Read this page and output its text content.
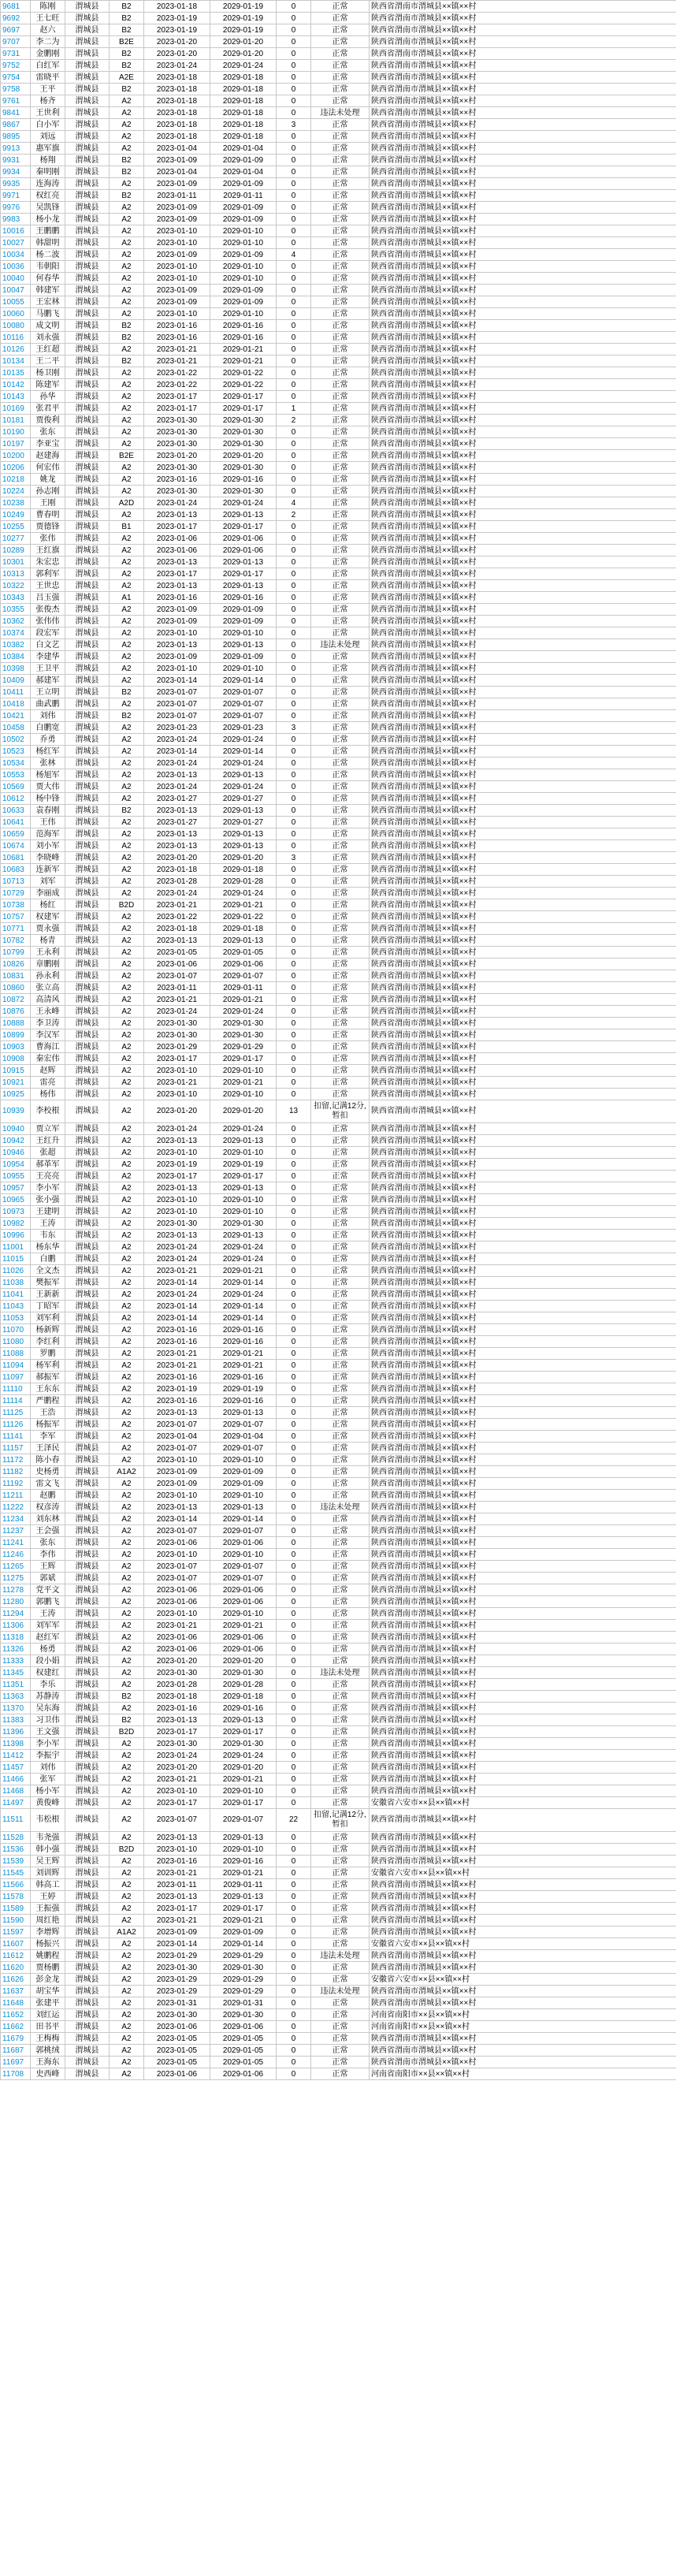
9681	陈刚	渭城县	B2	2023-01-18	2029-01-19	0	正常	陕西省渭南市渭城县××镇××村
9692	王七旺	渭城县	B2	2023-01-19	2029-01-19	0	正常	陕西省渭南市渭城县××镇××村
9697	赵六	渭城县	B2	2023-01-19	2029-01-19	0	正常	陕西省渭南市渭城县××镇××村
9707	李二为	渭城县	B2E	2023-01-20	2029-01-20	0	正常	陕西省渭南市渭城县××镇××村
9731	金鹏刚	渭城县	B2	2023-01-20	2029-01-20	0	正常	陕西省渭南市渭城县××镇××村
9752	白红军	渭城县	B2	2023-01-24	2029-01-24	0	正常	陕西省渭南市渭城县××镇××村
9754	雷晓平	渭城县	A2E	2023-01-18	2029-01-18	0	正常	陕西省渭南市渭城县××镇××村
9758	王平	渭城县	B2	2023-01-18	2029-01-18	0	正常	陕西省渭南市渭城县××镇××村
9761	杨齐	渭城县	A2	2023-01-18	2029-01-18	0	正常	陕西省渭南市渭城县××镇××村
9841	王世利	渭城县	A2	2023-01-18	2029-01-18	0	违法未处理	陕西省渭南市渭城县××镇××村
9867	白小军	渭城县	A2	2023-01-18	2029-01-18	3	正常	陕西省渭南市渭城县××镇××村
9895	刘远	渭城县	A2	2023-01-18	2029-01-18	0	正常	陕西省渭南市渭城县××镇××村
9913	惠军旗	渭城县	A2	2023-01-04	2029-01-04	0	正常	陕西省渭南市渭城县××镇××村
9931	杨翔	渭城县	B2	2023-01-09	2029-01-09	0	正常	陕西省渭南市渭城县××镇××村
9934	秦明刚	渭城县	B2	2023-01-04	2029-01-04	0	正常	陕西省渭南市渭城县××镇××村
9935	连海涛	渭城县	A2	2023-01-09	2029-01-09	0	正常	陕西省渭南市渭城县××镇××村
9971	权红亮	渭城县	B2	2023-01-11	2029-01-11	0	正常	陕西省渭南市渭城县××镇××村
9976	吴凯锋	渭城县	A2	2023-01-09	2029-01-09	0	正常	陕西省渭南市渭城县××镇××村
9983	杨小龙	渭城县	A2	2023-01-09	2029-01-09	0	正常	陕西省渭南市渭城县××镇××村
10016	王鹏鹏	渭城县	A2	2023-01-10	2029-01-10	0	正常	陕西省渭南市渭城县××镇××村
10027	韩甜明	渭城县	A2	2023-01-10	2029-01-10	0	正常	陕西省渭南市渭城县××镇××村
10034	杨二波	渭城县	A2	2023-01-09	2029-01-09	4	正常	陕西省渭南市渭城县××镇××村
10036	韦朝阳	渭城县	A2	2023-01-10	2029-01-10	0	正常	陕西省渭南市渭城县××镇××村
10040	何春华	渭城县	A2	2023-01-10	2029-01-10	0	正常	陕西省渭南市渭城县××镇××村
10047	韩建军	渭城县	A2	2023-01-09	2029-01-09	0	正常	陕西省渭南市渭城县××镇××村
10055	王宏林	渭城县	A2	2023-01-09	2029-01-09	0	正常	陕西省渭南市渭城县××镇××村
10060	马鹏飞	渭城县	A2	2023-01-10	2029-01-10	0	正常	陕西省渭南市渭城县××镇××村
10080	成文明	渭城县	B2	2023-01-16	2029-01-16	0	正常	陕西省渭南市渭城县××镇××村
10116	刘永强	渭城县	B2	2023-01-16	2029-01-16	0	正常	陕西省渭南市渭城县××镇××村
10126	王红超	渭城县	A2	2023-01-21	2029-01-21	0	正常	陕西省渭南市渭城县××镇××村
10134	王二平	渭城县	B2	2023-01-21	2029-01-21	0	正常	陕西省渭南市渭城县××镇××村
10135	杨卫刚	渭城县	A2	2023-01-22	2029-01-22	0	正常	陕西省渭南市渭城县××镇××村
10142	陈建军	渭城县	A2	2023-01-22	2029-01-22	0	正常	陕西省渭南市渭城县××镇××村
10143	孙华	渭城县	A2	2023-01-17	2029-01-17	0	正常	陕西省渭南市渭城县××镇××村
10169	张君平	渭城县	A2	2023-01-17	2029-01-17	1	正常	陕西省渭南市渭城县××镇××村
10181	贾俊利	渭城县	A2	2023-01-30	2029-01-30	2	正常	陕西省渭南市渭城县××镇××村
10190	张东	渭城县	A2	2023-01-30	2029-01-30	0	正常	陕西省渭南市渭城县××镇××村
10197	李亚宝	渭城县	A2	2023-01-30	2029-01-30	0	正常	陕西省渭南市渭城县××镇××村
10200	赵建海	渭城县	B2E	2023-01-20	2029-01-20	0	正常	陕西省渭南市渭城县××镇××村
10206	何宏伟	渭城县	A2	2023-01-30	2029-01-30	0	正常	陕西省渭南市渭城县××镇××村
10218	姚龙	渭城县	A2	2023-01-16	2029-01-16	0	正常	陕西省渭南市渭城县××镇××村
10224	孙志刚	渭城县	A2	2023-01-30	2029-01-30	0	正常	陕西省渭南市渭城县××镇××村
10238	王刚	渭城县	A2D	2023-01-24	2029-01-24	4	正常	陕西省渭南市渭城县××镇××村
10249	曹春明	渭城县	A2	2023-01-13	2029-01-13	2	正常	陕西省渭南市渭城县××镇××村
10255	贾德锋	渭城县	B1	2023-01-17	2029-01-17	0	正常	陕西省渭南市渭城县××镇××村
10277	张伟	渭城县	A2	2023-01-06	2029-01-06	0	正常	陕西省渭南市渭城县××镇××村
10289	王红旗	渭城县	A2	2023-01-06	2029-01-06	0	正常	陕西省渭南市渭城县××镇××村
10301	朱宏忠	渭城县	A2	2023-01-13	2029-01-13	0	正常	陕西省渭南市渭城县××镇××村
10313	郭利军	渭城县	A2	2023-01-17	2029-01-17	0	正常	陕西省渭南市渭城县××镇××村
10322	王世忠	渭城县	A2	2023-01-13	2029-01-13	0	正常	陕西省渭南市渭城县××镇××村
10343	吕玉强	渭城县	A1	2023-01-16	2029-01-16	0	正常	陕西省渭南市渭城县××镇××村
10355	张俊杰	渭城县	A2	2023-01-09	2029-01-09	0	正常	陕西省渭南市渭城县××镇××村
10362	张伟伟	渭城县	A2	2023-01-09	2029-01-09	0	正常	陕西省渭南市渭城县××镇××村
10374	段宏军	渭城县	A2	2023-01-10	2029-01-10	0	正常	陕西省渭南市渭城县××镇××村
10382	白文艺	渭城县	A2	2023-01-13	2029-01-13	0	违法未处理	陕西省渭南市渭城县××镇××村
10384	李建华	渭城县	A2	2023-01-09	2029-01-09	0	正常	陕西省渭南市渭城县××镇××村
10398	王卫平	渭城县	A2	2023-01-10	2029-01-10	0	正常	陕西省渭南市渭城县××镇××村
10409	郝建军	渭城县	A2	2023-01-14	2029-01-14	0	正常	陕西省渭南市渭城县××镇××村
10411	王立明	渭城县	B2	2023-01-07	2029-01-07	0	正常	陕西省渭南市渭城县××镇××村
10418	曲武鹏	渭城县	A2	2023-01-07	2029-01-07	0	正常	陕西省渭南市渭城县××镇××村
10421	刘伟	渭城县	B2	2023-01-07	2029-01-07	0	正常	陕西省渭南市渭城县××镇××村
10458	白鹏宽	渭城县	A2	2023-01-23	2029-01-23	3	正常	陕西省渭南市渭城县××镇××村
10502	乔勇	渭城县	A2	2023-01-24	2029-01-24	0	正常	陕西省渭南市渭城县××镇××村
10523	杨红军	渭城县	A2	2023-01-14	2029-01-14	0	正常	陕西省渭南市渭城县××镇××村
10534	张林	渭城县	A2	2023-01-24	2029-01-24	0	正常	陕西省渭南市渭城县××镇××村
10553	杨旭军	渭城县	A2	2023-01-13	2029-01-13	0	正常	陕西省渭南市渭城县××镇××村
10569	贾大伟	渭城县	A2	2023-01-24	2029-01-24	0	正常	陕西省渭南市渭城县××镇××村
10612	杨中锋	渭城县	A2	2023-01-27	2029-01-27	0	正常	陕西省渭南市渭城县××镇××村
10633	袁春刚	渭城县	B2	2023-01-13	2029-01-13	0	正常	陕西省渭南市渭城县××镇××村
10641	王伟	渭城县	A2	2023-01-27	2029-01-27	0	正常	陕西省渭南市渭城县××镇××村
10659	范海军	渭城县	A2	2023-01-13	2029-01-13	0	正常	陕西省渭南市渭城县××镇××村
10674	刘小军	渭城县	A2	2023-01-13	2029-01-13	0	正常	陕西省渭南市渭城县××镇××村
10681	李晓峰	渭城县	A2	2023-01-20	2029-01-20	3	正常	陕西省渭南市渭城县××镇××村
10683	连新军	渭城县	A2	2023-01-18	2029-01-18	0	正常	陕西省渭南市渭城县××镇××村
10713	刘军	渭城县	A2	2023-01-28	2029-01-28	0	正常	陕西省渭南市渭城县××镇××村
10729	李丽成	渭城县	A2	2023-01-24	2029-01-24	0	正常	陕西省渭南市渭城县××镇××村
10738	杨红	渭城县	B2D	2023-01-21	2029-01-21	0	正常	陕西省渭南市渭城县××镇××村
10757	权建军	渭城县	A2	2023-01-22	2029-01-22	0	正常	陕西省渭南市渭城县××镇××村
10771	贾永强	渭城县	A2	2023-01-18	2029-01-18	0	正常	陕西省渭南市渭城县××镇××村
10782	杨青	渭城县	A2	2023-01-13	2029-01-13	0	正常	陕西省渭南市渭城县××镇××村
10799	王永利	渭城县	A2	2023-01-05	2029-01-05	0	正常	陕西省渭南市渭城县××镇××村
10826	章鹏刚	渭城县	A2	2023-01-06	2029-01-06	0	正常	陕西省渭南市渭城县××镇××村
10831	孙永利	渭城县	A2	2023-01-07	2029-01-07	0	正常	陕西省渭南市渭城县××镇××村
10860	张立高	渭城县	A2	2023-01-11	2029-01-11	0	正常	陕西省渭南市渭城县××镇××村
10872	高清风	渭城县	A2	2023-01-21	2029-01-21	0	正常	陕西省渭南市渭城县××镇××村
10876	王永峰	渭城县	A2	2023-01-24	2029-01-24	0	正常	陕西省渭南市渭城县××镇××村
10888	李卫涛	渭城县	A2	2023-01-30	2029-01-30	0	正常	陕西省渭南市渭城县××镇××村
10899	李汉军	渭城县	A2	2023-01-30	2029-01-30	0	正常	陕西省渭南市渭城县××镇××村
10903	曹海江	渭城县	A2	2023-01-29	2029-01-29	0	正常	陕西省渭南市渭城县××镇××村
10908	秦宏伟	渭城县	A2	2023-01-17	2029-01-17	0	正常	陕西省渭南市渭城县××镇××村
10915	赵辉	渭城县	A2	2023-01-10	2029-01-10	0	正常	陕西省渭南市渭城县××镇××村
10921	雷亮	渭城县	A2	2023-01-21	2029-01-21	0	正常	陕西省渭南市渭城县××镇××村
10925	杨伟	渭城县	A2	2023-01-10	2029-01-10	0	正常	陕西省渭南市渭城县××镇××村
10939	李校根	渭城县	A2	2023-01-20	2029-01-20	13	扣留,记满12分,暂扣	陕西省渭南市渭城县××镇××村
10940	贾立军	渭城县	A2	2023-01-24	2029-01-24	0	正常	陕西省渭南市渭城县××镇××村
10942	王红升	渭城县	A2	2023-01-13	2029-01-13	0	正常	陕西省渭南市渭城县××镇××村
10946	张超	渭城县	A2	2023-01-10	2029-01-10	0	正常	陕西省渭南市渭城县××镇××村
10954	郝革军	渭城县	A2	2023-01-19	2029-01-19	0	正常	陕西省渭南市渭城县××镇××村
10955	王亮亮	渭城县	A2	2023-01-17	2029-01-17	0	正常	陕西省渭南市渭城县××镇××村
10957	李小军	渭城县	A2	2023-01-13	2029-01-13	0	正常	陕西省渭南市渭城县××镇××村
10965	张小强	渭城县	A2	2023-01-10	2029-01-10	0	正常	陕西省渭南市渭城县××镇××村
10973	王建明	渭城县	A2	2023-01-10	2029-01-10	0	正常	陕西省渭南市渭城县××镇××村
10982	王涛	渭城县	A2	2023-01-30	2029-01-30	0	正常	陕西省渭南市渭城县××镇××村
10996	韦东	渭城县	A2	2023-01-13	2029-01-13	0	正常	陕西省渭南市渭城县××镇××村
11001	杨东华	渭城县	A2	2023-01-24	2029-01-24	0	正常	陕西省渭南市渭城县××镇××村
11015	白鹏	渭城县	A2	2023-01-24	2029-01-24	0	正常	陕西省渭南市渭城县××镇××村
11026	全文杰	渭城县	A2	2023-01-21	2029-01-21	0	正常	陕西省渭南市渭城县××镇××村
11038	樊振军	渭城县	A2	2023-01-14	2029-01-14	0	正常	陕西省渭南市渭城县××镇××村
11041	王新新	渭城县	A2	2023-01-24	2029-01-24	0	正常	陕西省渭南市渭城县××镇××村
11043	丁昭军	渭城县	A2	2023-01-14	2029-01-14	0	正常	陕西省渭南市渭城县××镇××村
11053	刘军利	渭城县	A2	2023-01-14	2029-01-14	0	正常	陕西省渭南市渭城县××镇××村
11070	杨新辉	渭城县	A2	2023-01-16	2029-01-16	0	正常	陕西省渭南市渭城县××镇××村
11080	李红利	渭城县	A2	2023-01-16	2029-01-16	0	正常	陕西省渭南市渭城县××镇××村
11088	罗鹏	渭城县	A2	2023-01-21	2029-01-21	0	正常	陕西省渭南市渭城县××镇××村
11094	杨军利	渭城县	A2	2023-01-21	2029-01-21	0	正常	陕西省渭南市渭城县××镇××村
11097	郝振军	渭城县	A2	2023-01-16	2029-01-16	0	正常	陕西省渭南市渭城县××镇××村
11110	王东东	渭城县	A2	2023-01-19	2029-01-19	0	正常	陕西省渭南市渭城县××镇××村
11114	严鹏程	渭城县	A2	2023-01-16	2029-01-16	0	正常	陕西省渭南市渭城县××镇××村
11125	王浩	渭城县	A2	2023-01-13	2029-01-13	0	正常	陕西省渭南市渭城县××镇××村
11126	杨振军	渭城县	A2	2023-01-07	2029-01-07	0	正常	陕西省渭南市渭城县××镇××村
11141	李军	渭城县	A2	2023-01-04	2029-01-04	0	正常	陕西省渭南市渭城县××镇××村
11157	王泽民	渭城县	A2	2023-01-07	2029-01-07	0	正常	陕西省渭南市渭城县××镇××村
11172	陈小春	渭城县	A2	2023-01-10	2029-01-10	0	正常	陕西省渭南市渭城县××镇××村
11182	史杨勇	渭城县	A1A2	2023-01-09	2029-01-09	0	正常	陕西省渭南市渭城县××镇××村
11192	雷文飞	渭城县	A2	2023-01-09	2029-01-09	0	正常	陕西省渭南市渭城县××镇××村
11211	赵鹏	渭城县	A2	2023-01-10	2029-01-10	0	正常	陕西省渭南市渭城县××镇××村
11222	权彦涛	渭城县	A2	2023-01-13	2029-01-13	0	违法未处理	陕西省渭南市渭城县××镇××村
11234	刘东林	渭城县	A2	2023-01-14	2029-01-14	0	正常	陕西省渭南市渭城县××镇××村
11237	王会强	渭城县	A2	2023-01-07	2029-01-07	0	正常	陕西省渭南市渭城县××镇××村
11241	张东	渭城县	A2	2023-01-06	2029-01-06	0	正常	陕西省渭南市渭城县××镇××村
11246	李伟	渭城县	A2	2023-01-10	2029-01-10	0	正常	陕西省渭南市渭城县××镇××村
11265	王辉	渭城县	A2	2023-01-07	2029-01-07	0	正常	陕西省渭南市渭城县××镇××村
11275	郭斌	渭城县	A2	2023-01-07	2029-01-07	0	正常	陕西省渭南市渭城县××镇××村
11278	党平文	渭城县	A2	2023-01-06	2029-01-06	0	正常	陕西省渭南市渭城县××镇××村
11280	郭鹏飞	渭城县	A2	2023-01-06	2029-01-06	0	正常	陕西省渭南市渭城县××镇××村
11294	王涛	渭城县	A2	2023-01-10	2029-01-10	0	正常	陕西省渭南市渭城县××镇××村
11306	刘军军	渭城县	A2	2023-01-21	2029-01-21	0	正常	陕西省渭南市渭城县××镇××村
11318	赵红军	渭城县	A2	2023-01-06	2029-01-06	0	正常	陕西省渭南市渭城县××镇××村
11326	杨勇	渭城县	A2	2023-01-06	2029-01-06	0	正常	陕西省渭南市渭城县××镇××村
11333	段小娟	渭城县	A2	2023-01-20	2029-01-20	0	正常	陕西省渭南市渭城县××镇××村
11345	权建红	渭城县	A2	2023-01-30	2029-01-30	0	违法未处理	陕西省渭南市渭城县××镇××村
11351	李乐	渭城县	A2	2023-01-28	2029-01-28	0	正常	陕西省渭南市渭城县××镇××村
11363	苏静涛	渭城县	B2	2023-01-18	2029-01-18	0	正常	陕西省渭南市渭城县××镇××村
11370	吴东海	渭城县	A2	2023-01-16	2029-01-16	0	正常	陕西省渭南市渭城县××镇××村
11383	习卫伟	渭城县	B2	2023-01-13	2029-01-13	0	正常	陕西省渭南市渭城县××镇××村
11396	王文强	渭城县	B2D	2023-01-17	2029-01-17	0	正常	陕西省渭南市渭城县××镇××村
11398	李小军	渭城县	A2	2023-01-30	2029-01-30	0	正常	陕西省渭南市渭城县××镇××村
11412	李振宇	渭城县	A2	2023-01-24	2029-01-24	0	正常	陕西省渭南市渭城县××镇××村
11457	刘伟	渭城县	A2	2023-01-20	2029-01-20	0	正常	陕西省渭南市渭城县××镇××村
11466	张军	渭城县	A2	2023-01-21	2029-01-21	0	正常	陕西省渭南市渭城县××镇××村
11468	杨小军	渭城县	A2	2023-01-10	2029-01-10	0	正常	陕西省渭南市渭城县××镇××村
11497	黄俊峰	渭城县	A2	2023-01-17	2029-01-17	0	正常	安徽省六安市××县××镇××村
11511	韦松根	渭城县	A2	2023-01-07	2029-01-07	22	扣留,记满12分,暂扣	陕西省渭南市渭城县××镇××村
11528	韦尧强	渭城县	A2	2023-01-13	2029-01-13	0	正常	陕西省渭南市渭城县××镇××村
11536	韩小强	渭城县	B2D	2023-01-10	2029-01-10	0	正常	陕西省渭南市渭城县××镇××村
11539	吴王辉	渭城县	A2	2023-01-16	2029-01-16	0	正常	陕西省渭南市渭城县××镇××村
11545	刘训辉	渭城县	A2	2023-01-21	2029-01-21	0	正常	安徽省六安市××县××镇××村
11566	韩高工	渭城县	A2	2023-01-11	2029-01-11	0	正常	陕西省渭南市渭城县××镇××村
11578	王婷	渭城县	A2	2023-01-13	2029-01-13	0	正常	陕西省渭南市渭城县××镇××村
11589	王振强	渭城县	A2	2023-01-17	2029-01-17	0	正常	陕西省渭南市渭城县××镇××村
11590	周红艳	渭城县	A2	2023-01-21	2029-01-21	0	正常	陕西省渭南市渭城县××镇××村
11597	李增辉	渭城县	A1A2	2023-01-09	2029-01-09	0	正常	陕西省渭南市渭城县××镇××村
11607	杨振兴	渭城县	A2	2023-01-14	2029-01-14	0	正常	安徽省六安市××县××镇××村
11612	姚鹏程	渭城县	A2	2023-01-29	2029-01-29	0	违法未处理	陕西省渭南市渭城县××镇××村
11620	贾杨鹏	渭城县	A2	2023-01-30	2029-01-30	0	正常	陕西省渭南市渭城县××镇××村
11626	彭金龙	渭城县	A2	2023-01-29	2029-01-29	0	正常	安徽省六安市××县××镇××村
11637	胡宝华	渭城县	A2	2023-01-29	2029-01-29	0	违法未处理	陕西省渭南市渭城县××镇××村
11648	张建平	渭城县	A2	2023-01-31	2029-01-31	0	正常	陕西省渭南市渭城县××镇××村
11652	刘红运	渭城县	A2	2023-01-30	2029-01-30	0	正常	河南省南阳市××县××镇××村
11662	田书平	渭城县	A2	2023-01-06	2029-01-06	0	正常	河南省南阳市××县××镇××村
11679	王梅梅	渭城县	A2	2023-01-05	2029-01-05	0	正常	陕西省渭南市渭城县××镇××村
11687	郭桃绒	渭城县	A2	2023-01-05	2029-01-05	0	正常	陕西省渭南市渭城县××镇××村
11697	王海东	渭城县	A2	2023-01-05	2029-01-05	0	正常	陕西省渭南市渭城县××镇××村
11708	史西峰	渭城县	A2	2023-01-06	2029-01-06	0	正常	河南省南阳市××县××镇××村
